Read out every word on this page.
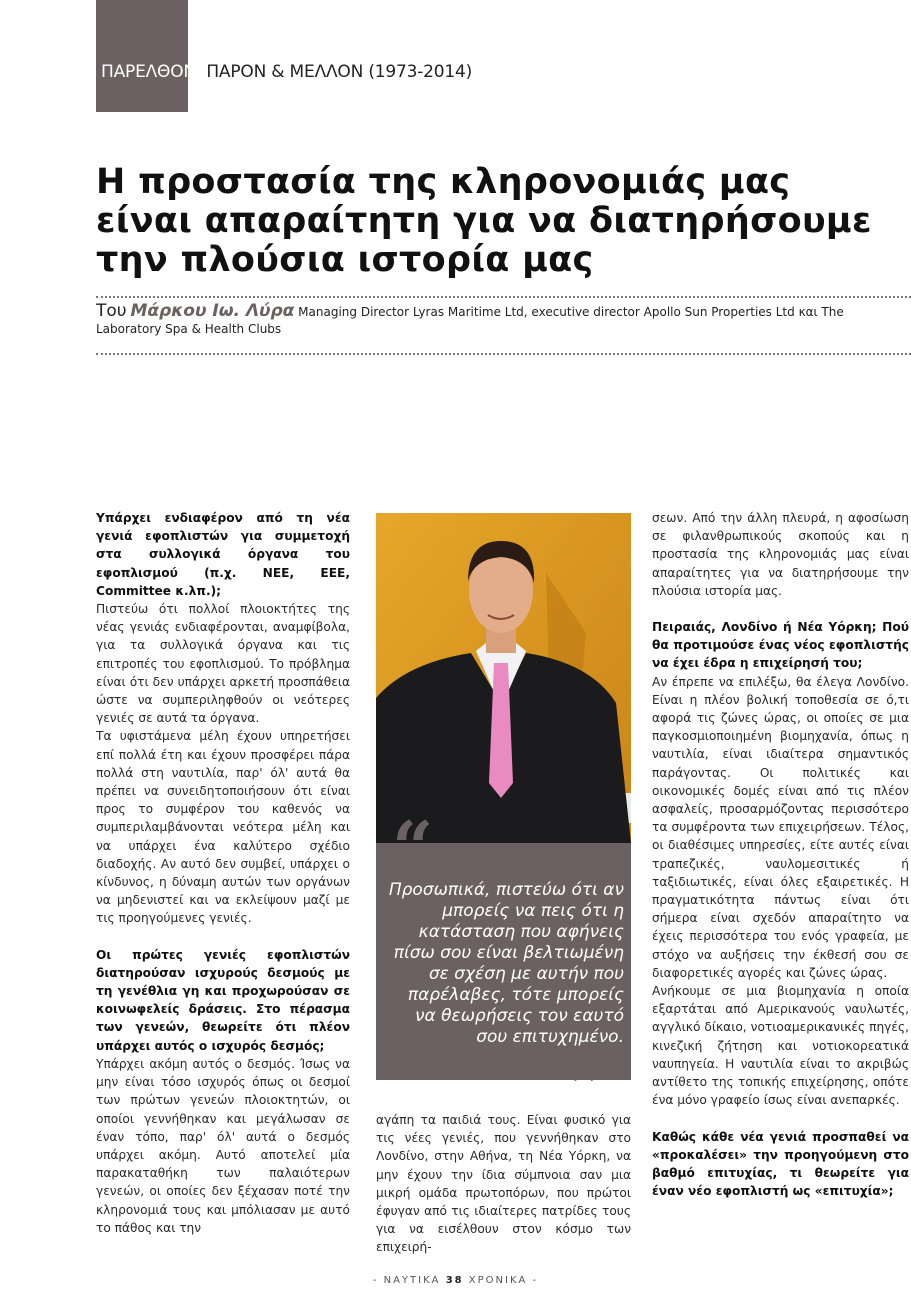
ΠΑΡΕΛΘΟΝ, ΠΑΡΟΝ & ΜΕΛΛΟΝ (1973-2014)
Η προστασία της κληρονομιάς μας είναι απαραίτητη για να διατηρήσουμε την πλούσια ιστορία μας
Του Μάρκου Ιω. Λύρα Managing Director Lyras Maritime Ltd, executive director Apollo Sun Properties Ltd και The Laboratory Spa & Health Clubs

Υπάρχει ενδιαφέρον από τη νέα γενιά εφοπλιστών για συμμετοχή στα συλλογικά όργανα του εφοπλισμού (π.χ. ΝΕΕ, ΕΕΕ, Committee κ.λπ.);

Πιστεύω ότι πολλοί πλοιοκτήτες της νέας γενιάς ενδιαφέρονται, αναμφίβολα, για τα συλλογικά όργανα και τις επιτροπές του εφοπλισμού. Το πρόβλημα είναι ότι δεν υπάρχει αρκετή προσπάθεια ώστε να συμπεριληφθούν οι νεότερες γενιές σε αυτά τα όργανα.

Τα υφιστάμενα μέλη έχουν υπηρετήσει επί πολλά έτη και έχουν προσφέρει πάρα πολλά στη ναυτιλία, παρ' όλ' αυτά θα πρέπει να συνειδητοποιήσουν ότι είναι προς το συμφέρον του καθενός να συμπεριλαμβάνονται νεότερα μέλη και να υπάρχει ένα καλύτερο σχέδιο διαδοχής. Αν αυτό δεν συμβεί, υπάρχει ο κίνδυνος, η δύναμη αυτών των οργάνων να μηδενιστεί και να εκλείψουν μαζί με τις προηγούμενες γενιές.

Οι πρώτες γενιές εφοπλιστών διατηρούσαν ισχυρούς δεσμούς με τη γενέθλια γη και προχωρούσαν σε κοινωφελείς δράσεις. Στο πέρασμα των γενεών, θεωρείτε ότι πλέον υπάρχει αυτός ο ισχυρός δεσμός;

Υπάρχει ακόμη αυτός ο δεσμός. Ίσως να μην είναι τόσο ισχυρός όπως οι δεσμοί των πρώτων γενεών πλοιοκτητών, οι οποίοι γεννήθηκαν και μεγάλωσαν σε έναν τόπο, παρ' όλ' αυτά ο δεσμός υπάρχει ακόμη. Αυτό αποτελεί μία παρακαταθήκη των παλαιότερων γενεών, οι οποίες δεν ξέχασαν ποτέ την κληρονομιά τους και μπόλιασαν με αυτό το πάθος και την

“
”
Προσωπικά, πιστεύω ότι αν μπορείς να πεις ότι η κατάσταση που αφήνεις πίσω σου είναι βελτιωμένη σε σχέση με αυτήν που παρέλαβες, τότε μπορείς να θεωρήσεις τον εαυτό σου επιτυχημένο.

αγάπη τα παιδιά τους. Είναι φυσικό για τις νέες γενιές, που γεννήθηκαν στο Λονδίνο, στην Αθήνα, τη Νέα Υόρκη, να μην έχουν την ίδια σύμπνοια σαν μια μικρή ομάδα πρωτοπόρων, που πρώτοι έφυγαν από τις ιδιαίτερες πατρίδες τους για να εισέλθουν στον κόσμο των επιχειρή-

σεων. Από την άλλη πλευρά, η αφοσίωση σε φιλανθρωπικούς σκοπούς και η προστασία της κληρονομιάς μας είναι απαραίτητες για να διατηρήσουμε την πλούσια ιστορία μας.

Πειραιάς, Λονδίνο ή Νέα Υόρκη; Πού θα προτιμούσε ένας νέος εφοπλιστής να έχει έδρα η επιχείρησή του;

Αν έπρεπε να επιλέξω, θα έλεγα Λονδίνο. Είναι η πλέον βολική τοποθεσία σε ό,τι αφορά τις ζώνες ώρας, οι οποίες σε μια παγκοσμιοποιημένη βιομηχανία, όπως η ναυτιλία, είναι ιδιαίτερα σημαντικός παράγοντας. Οι πολιτικές και οικονομικές δομές είναι από τις πλέον ασφαλείς, προσαρμόζοντας περισσότερο τα συμφέροντα των επιχειρήσεων. Τέλος, οι διαθέσιμες υπηρεσίες, είτε αυτές είναι τραπεζικές, ναυλομεσιτικές ή ταξιδιωτικές, είναι όλες εξαιρετικές. Η πραγματικότητα πάντως είναι ότι σήμερα είναι σχεδόν απαραίτητο να έχεις περισσότερα του ενός γραφεία, με στόχο να αυξήσεις την έκθεσή σου σε διαφορετικές αγορές και ζώνες ώρας.

Ανήκουμε σε μια βιομηχανία η οποία εξαρτάται από Αμερικανούς ναυλωτές, αγγλικό δίκαιο, νοτιοαμερικανικές πηγές, κινεζική ζήτηση και νοτιοκορεατικά ναυπηγεία. Η ναυτιλία είναι το ακριβώς αντίθετο της τοπικής επιχείρησης, οπότε ένα μόνο γραφείο ίσως είναι ανεπαρκές.

Καθώς κάθε νέα γενιά προσπαθεί να «προκαλέσει» την προηγούμενη στο βαθμό επιτυχίας, τι θεωρείτε για έναν νέο εφοπλιστή ως «επιτυχία»;

- ΝΑΥΤΙΚΑ 38 ΧΡΟΝΙΚΑ -
